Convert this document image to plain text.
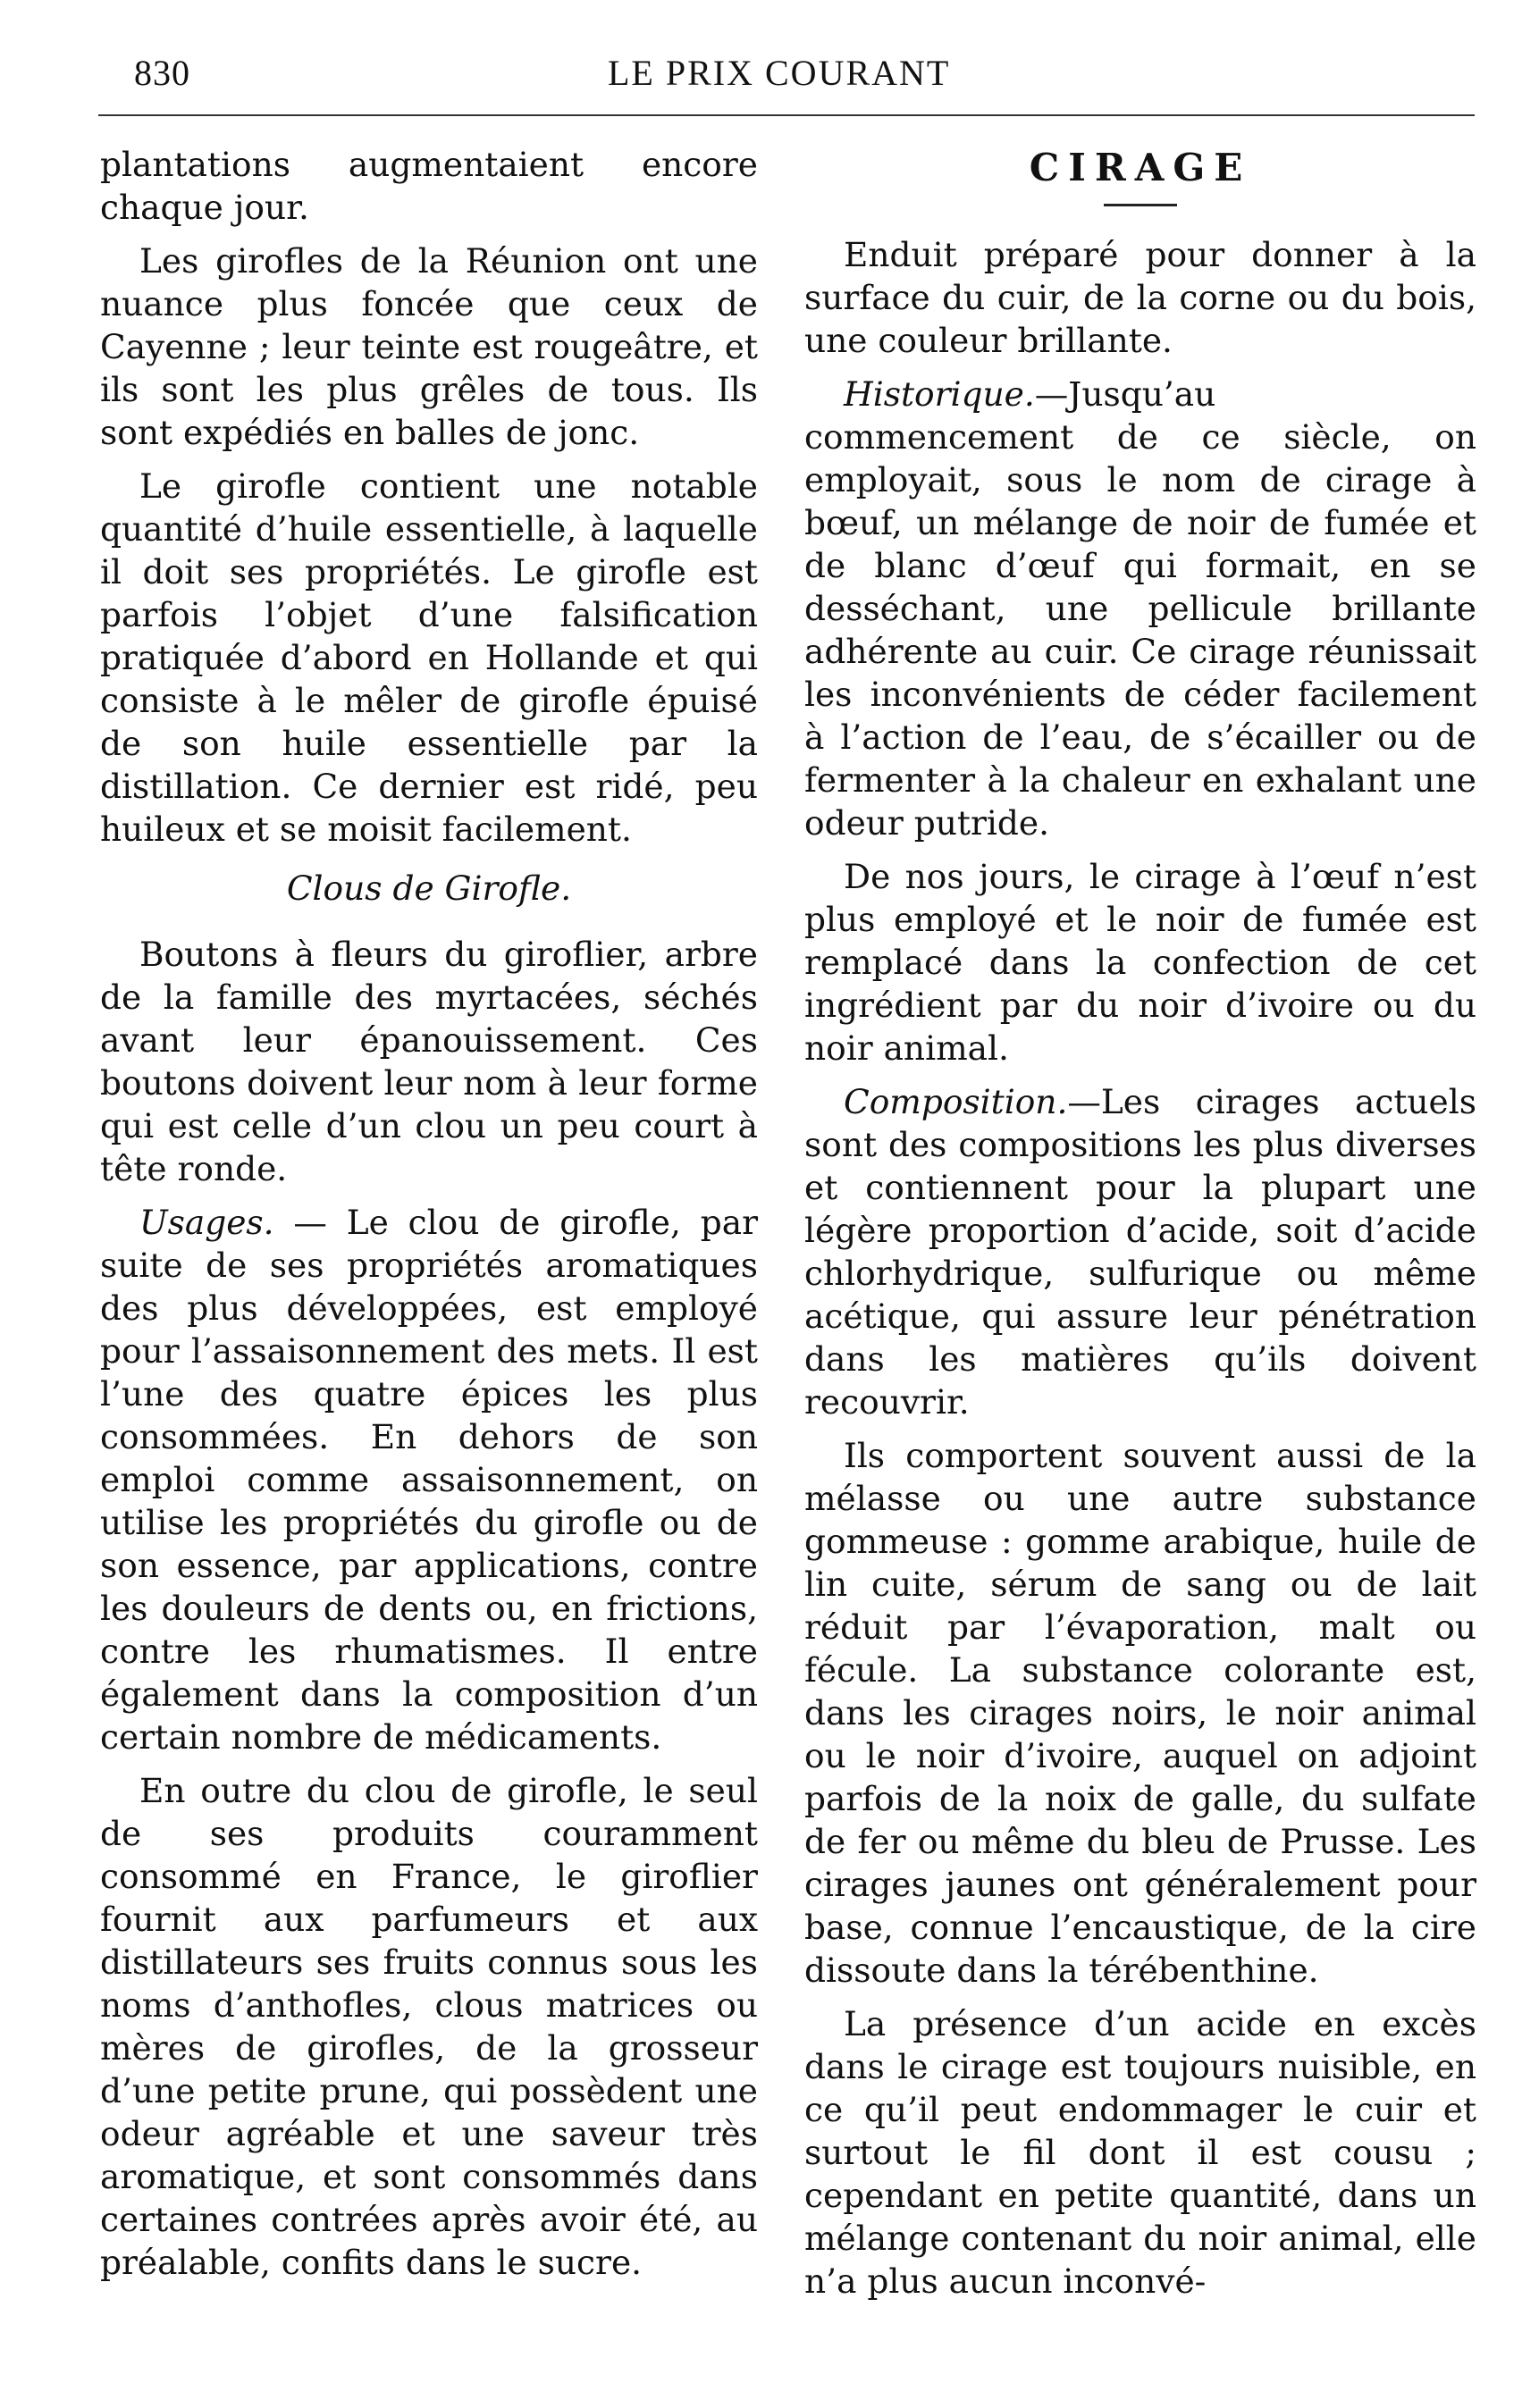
830	LE PRIX COURANT

plantations augmentaient encore chaque jour.

Les girofles de la Réunion ont une nuance plus foncée que ceux de Cayenne ; leur teinte est rougeâtre, et ils sont les plus grêles de tous. Ils sont expédiés en balles de jonc.

Le girofle contient une notable quantité d’huile essentielle, à laquelle il doit ses propriétés. Le girofle est parfois l’objet d’une falsification pratiquée d’abord en Hollande et qui consiste à le mêler de girofle épuisé de son huile essentielle par la distillation. Ce dernier est ridé, peu huileux et se moisit facilement.

Clous de Girofle.

Boutons à fleurs du giroflier, arbre de la famille des myrtacées, séchés avant leur épanouissement. Ces boutons doivent leur nom à leur forme qui est celle d’un clou un peu court à tête ronde.

Usages. — Le clou de girofle, par suite de ses propriétés aromatiques des plus développées, est employé pour l’assaisonnement des mets. Il est l’une des quatre épices les plus consommées. En dehors de son emploi comme assaisonnement, on utilise les propriétés du girofle ou de son essence, par applications, contre les douleurs de dents ou, en frictions, contre les rhumatismes. Il entre également dans la composition d’un certain nombre de médicaments.

En outre du clou de girofle, le seul de ses produits couramment consommé en France, le giroflier fournit aux parfumeurs et aux distillateurs ses fruits connus sous les noms d’anthofles, clous matrices ou mères de girofles, de la grosseur d’une petite prune, qui possèdent une odeur agréable et une saveur très aromatique, et sont consommés dans certaines contrées après avoir été, au préalable, confits dans le sucre.

CIRAGE

Enduit préparé pour donner à la surface du cuir, de la corne ou du bois, une couleur brillante.

Historique.—Jusqu’au commencement de ce siècle, on employait, sous le nom de cirage à bœuf, un mélange de noir de fumée et de blanc d’œuf qui formait, en se desséchant, une pellicule brillante adhérente au cuir. Ce cirage réunissait les inconvénients de céder facilement à l’action de l’eau, de s’écailler ou de fermenter à la chaleur en exhalant une odeur putride.

De nos jours, le cirage à l’œuf n’est plus employé et le noir de fumée est remplacé dans la confection de cet ingrédient par du noir d’ivoire ou du noir animal.

Composition.—Les cirages actuels sont des compositions les plus diverses et contiennent pour la plupart une légère proportion d’acide, soit d’acide chlorhydrique, sulfurique ou même acétique, qui assure leur pénétration dans les matières qu’ils doivent recouvrir.

Ils comportent souvent aussi de la mélasse ou une autre substance gommeuse : gomme arabique, huile de lin cuite, sérum de sang ou de lait réduit par l’évaporation, malt ou fécule. La substance colorante est, dans les cirages noirs, le noir animal ou le noir d’ivoire, auquel on adjoint parfois de la noix de galle, du sulfate de fer ou même du bleu de Prusse. Les cirages jaunes ont généralement pour base, connue l’encaustique, de la cire dissoute dans la térébenthine.

La présence d’un acide en excès dans le cirage est toujours nuisible, en ce qu’il peut endommager le cuir et surtout le fil dont il est cousu ; cependant en petite quantité, dans un mélange contenant du noir animal, elle n’a plus aucun inconvé-
